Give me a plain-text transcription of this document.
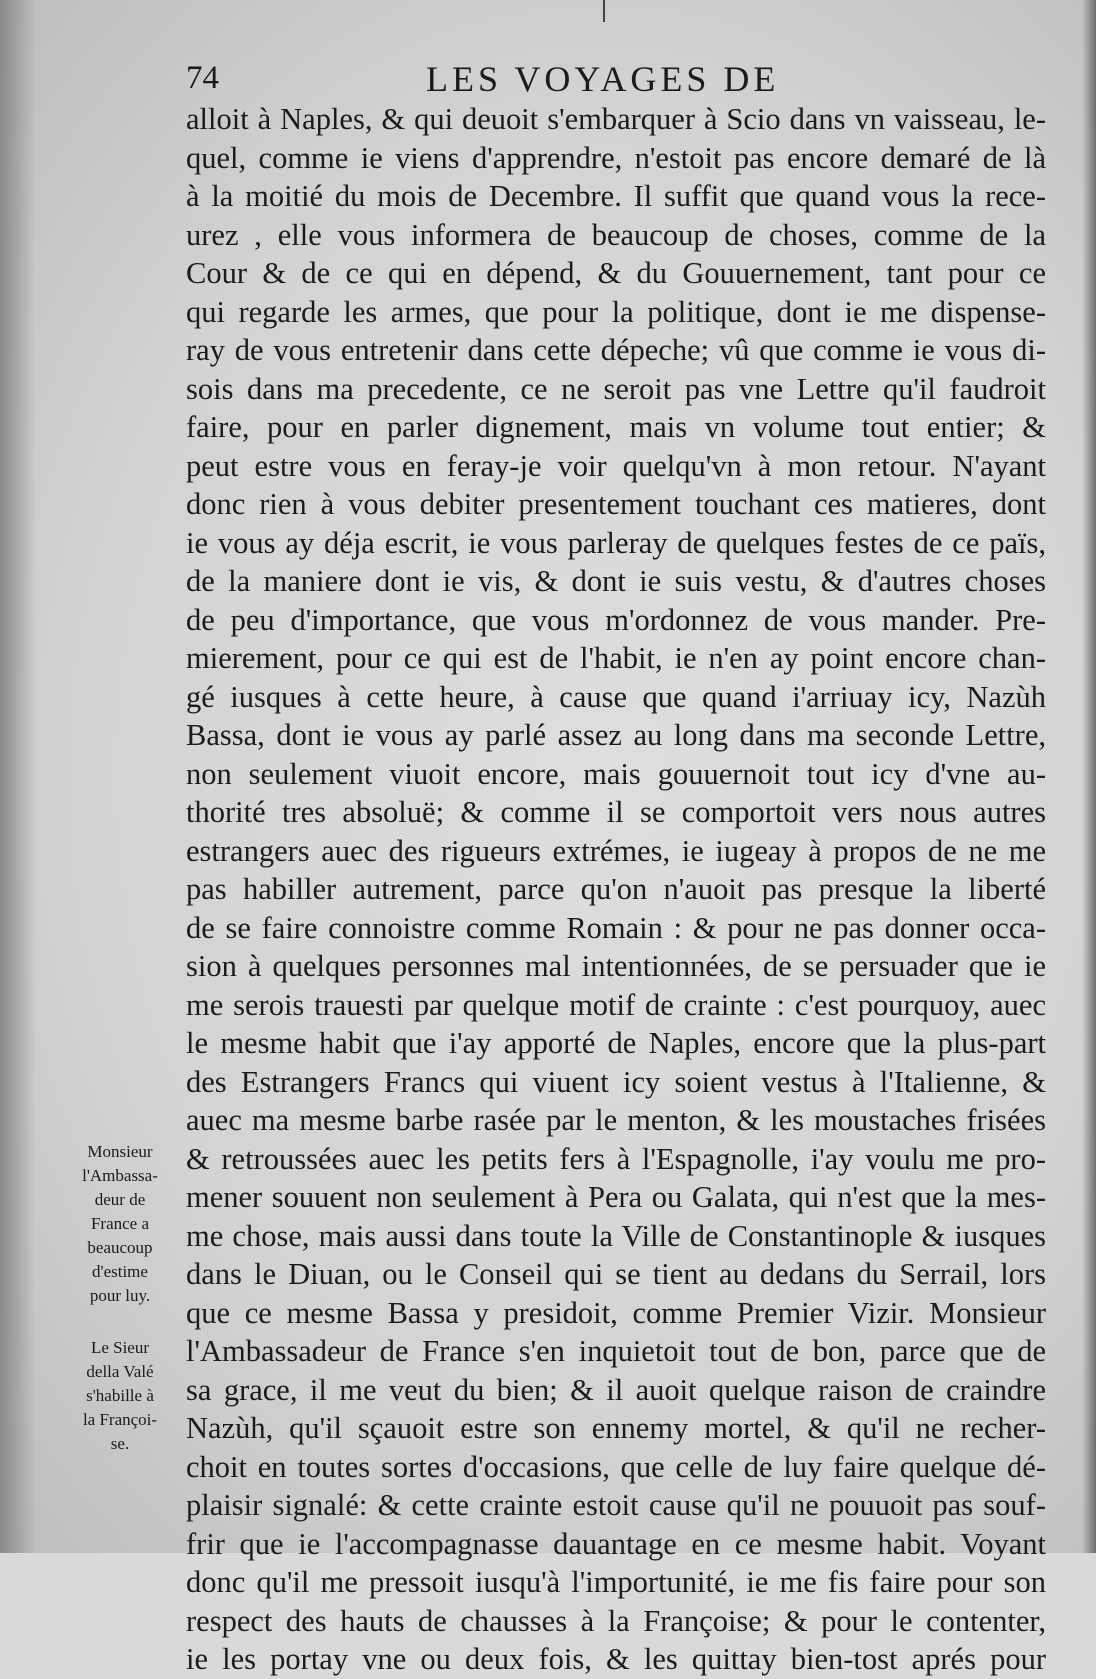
74	LES VOYAGES DE
alloit à Naples, & qui deuoit s'embarquer à Scio dans vn vaisseau, le-
quel, comme ie viens d'apprendre, n'estoit pas encore demaré de là
à la moitié du mois de Decembre. Il suffit que quand vous la rece-
urez , elle vous informera de beaucoup de choses, comme de la
Cour & de ce qui en dépend, & du Gouuernement, tant pour ce
qui regarde les armes, que pour la politique, dont ie me dispense-
ray de vous entretenir dans cette dépeche; vû que comme ie vous di-
sois dans ma precedente, ce ne seroit pas vne Lettre qu'il faudroit
faire, pour en parler dignement, mais vn volume tout entier; &
peut estre vous en feray-je voir quelqu'vn à mon retour. N'ayant
donc rien à vous debiter presentement touchant ces matieres, dont
ie vous ay déja escrit, ie vous parleray de quelques festes de ce païs,
de la maniere dont ie vis, & dont ie suis vestu, & d'autres choses
de peu d'importance, que vous m'ordonnez de vous mander. Pre-
mierement, pour ce qui est de l'habit, ie n'en ay point encore chan-
gé iusques à cette heure, à cause que quand i'arriuay icy, Nazùh
Bassa, dont ie vous ay parlé assez au long dans ma seconde Lettre,
non seulement viuoit encore, mais gouuernoit tout icy d'vne au-
thorité tres absoluë; & comme il se comportoit vers nous autres
estrangers auec des rigueurs extrémes, ie iugeay à propos de ne me
pas habiller autrement, parce qu'on n'auoit pas presque la liberté
de se faire connoistre comme Romain : & pour ne pas donner occa-
sion à quelques personnes mal intentionnées, de se persuader que ie
me serois trauesti par quelque motif de crainte : c'est pourquoy, auec
le mesme habit que i'ay apporté de Naples, encore que la plus-part
des Estrangers Francs qui viuent icy soient vestus à l'Italienne, &
auec ma mesme barbe rasée par le menton, & les moustaches frisées
& retroussées auec les petits fers à l'Espagnolle, i'ay voulu me pro-
mener souuent non seulement à Pera ou Galata, qui n'est que la mes-
me chose, mais aussi dans toute la Ville de Constantinople & iusques
dans le Diuan, ou le Conseil qui se tient au dedans du Serrail, lors
que ce mesme Bassa y presidoit, comme Premier Vizir. Monsieur
l'Ambassadeur de France s'en inquietoit tout de bon, parce que de
sa grace, il me veut du bien; & il auoit quelque raison de craindre
Nazùh, qu'il sçauoit estre son ennemy mortel, & qu'il ne recher-
choit en toutes sortes d'occasions, que celle de luy faire quelque dé-
plaisir signalé: & cette crainte estoit cause qu'il ne pouuoit pas souf-
frir que ie l'accompagnasse dauantage en ce mesme habit. Voyant
donc qu'il me pressoit iusqu'à l'importunité, ie me fis faire pour son
respect des hauts de chausses à la Françoise; & pour le contenter,
ie les portay vne ou deux fois, & les quittay bien-tost aprés pour
Monsieur
l'Ambassa-
deur de
France a
beaucoup
d'estime
pour luy.
Le Sieur
della Valé
s'habille à
la Françoi-
se.
